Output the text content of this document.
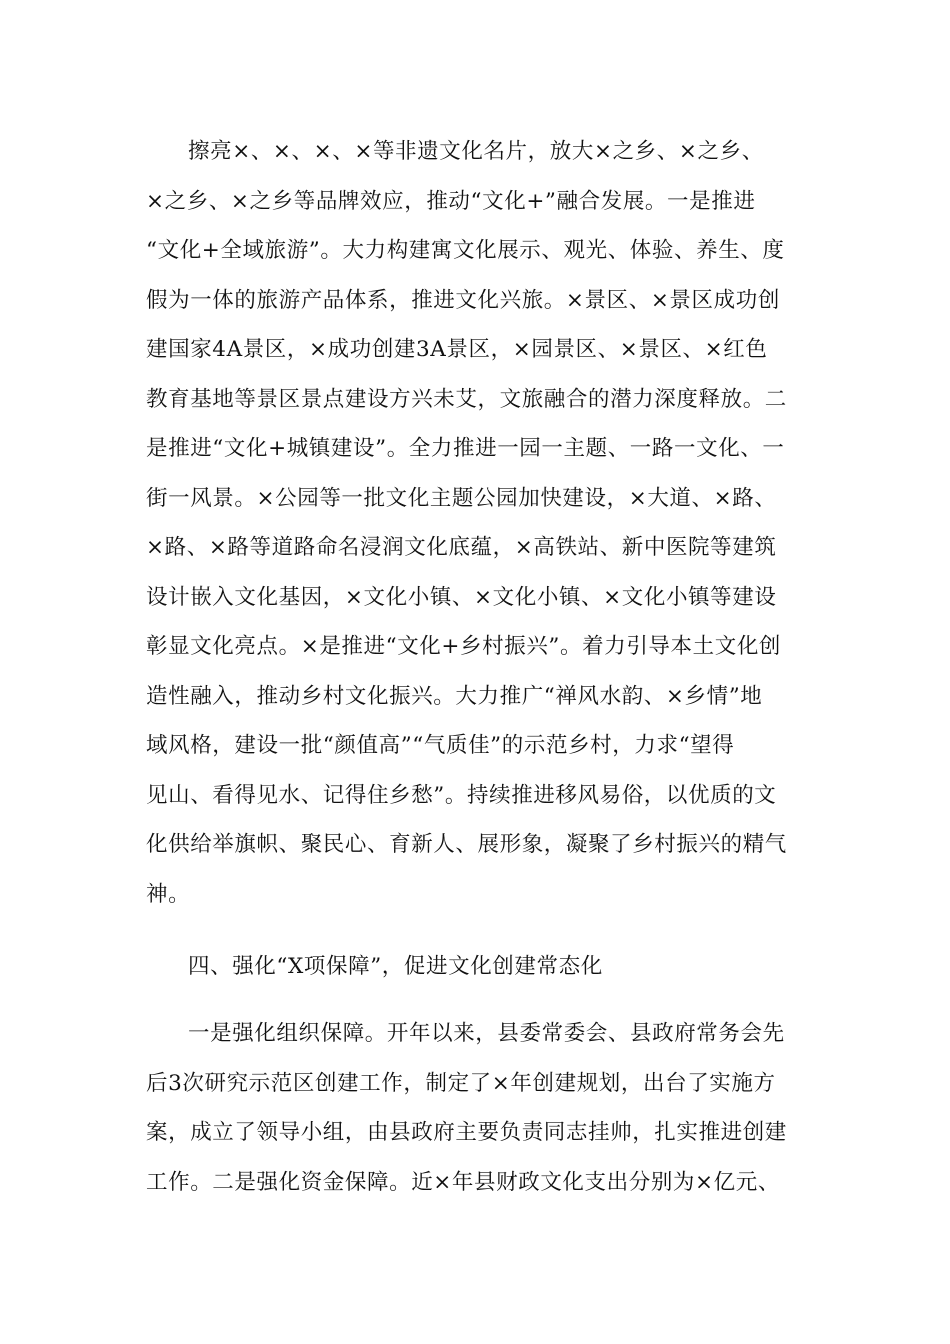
擦亮×、×、×、×等非遗文化名片，放大×之乡、×之乡、
×之乡、×之乡等品牌效应，推动“文化+”融合发展。一是推进
“文化+全域旅游”。大力构建寓文化展示、观光、体验、养生、度
假为一体的旅游产品体系，推进文化兴旅。×景区、×景区成功创
建国家4A景区，×成功创建3A景区，×园景区、×景区、×红色
教育基地等景区景点建设方兴未艾，文旅融合的潜力深度释放。二
是推进“文化+城镇建设”。全力推进一园一主题、一路一文化、一
街一风景。×公园等一批文化主题公园加快建设，×大道、×路、
×路、×路等道路命名浸润文化底蕴，×高铁站、新中医院等建筑
设计嵌入文化基因，×文化小镇、×文化小镇、×文化小镇等建设
彰显文化亮点。×是推进“文化+乡村振兴”。着力引导本土文化创
造性融入，推动乡村文化振兴。大力推广“禅风水韵、×乡情”地
域风格，建设一批“颜值高”“气质佳”的示范乡村，力求“望得
见山、看得见水、记得住乡愁”。持续推进移风易俗，以优质的文
化供给举旗帜、聚民心、育新人、展形象，凝聚了乡村振兴的精气
神。
四、强化“X项保障”，促进文化创建常态化
一是强化组织保障。开年以来，县委常委会、县政府常务会先
后3次研究示范区创建工作，制定了×年创建规划，出台了实施方
案，成立了领导小组，由县政府主要负责同志挂帅，扎实推进创建
工作。二是强化资金保障。近×年县财政文化支出分别为×亿元、
